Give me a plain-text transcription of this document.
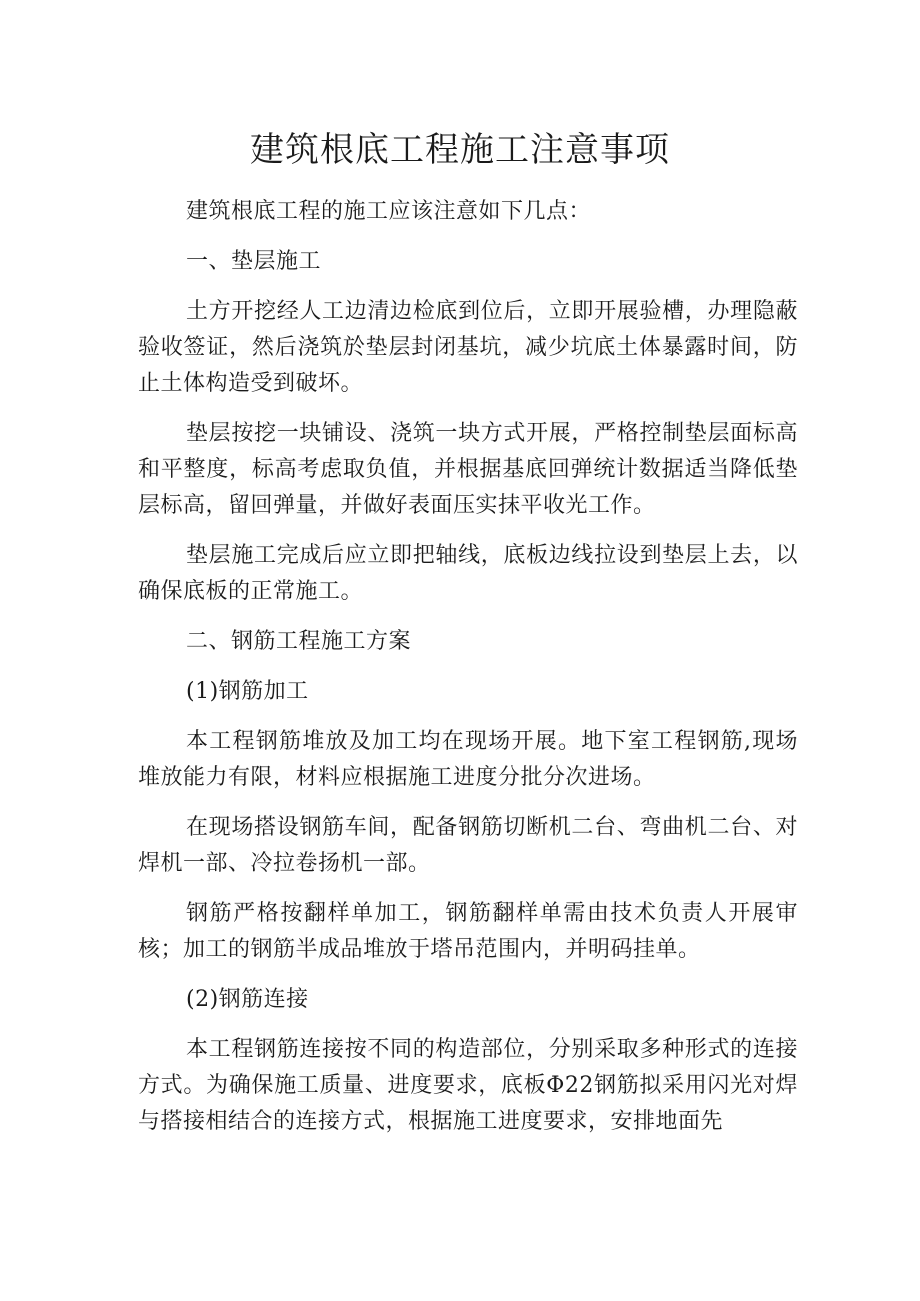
建筑根底工程施工注意事项

建筑根底工程的施工应该注意如下几点：

一、垫层施工

土方开挖经人工边清边检底到位后，立即开展验槽，办理隐蔽验收签证，然后浇筑於垫层封闭基坑，减少坑底土体暴露时间，防止土体构造受到破坏。

垫层按挖一块铺设、浇筑一块方式开展，严格控制垫层面标高和平整度，标高考虑取负值，并根据基底回弹统计数据适当降低垫层标高，留回弹量，并做好表面压实抹平收光工作。

垫层施工完成后应立即把轴线，底板边线拉设到垫层上去，以确保底板的正常施工。

二、钢筋工程施工方案

(1)钢筋加工

本工程钢筋堆放及加工均在现场开展。地下室工程钢筋,现场堆放能力有限，材料应根据施工进度分批分次进场。

在现场搭设钢筋车间，配备钢筋切断机二台、弯曲机二台、对焊机一部、冷拉卷扬机一部。

钢筋严格按翻样单加工，钢筋翻样单需由技术负责人开展审核；加工的钢筋半成品堆放于塔吊范围内，并明码挂单。

(2)钢筋连接

本工程钢筋连接按不同的构造部位，分别采取多种形式的连接方式。为确保施工质量、进度要求，底板Φ22钢筋拟采用闪光对焊与搭接相结合的连接方式，根据施工进度要求，安排地面先
